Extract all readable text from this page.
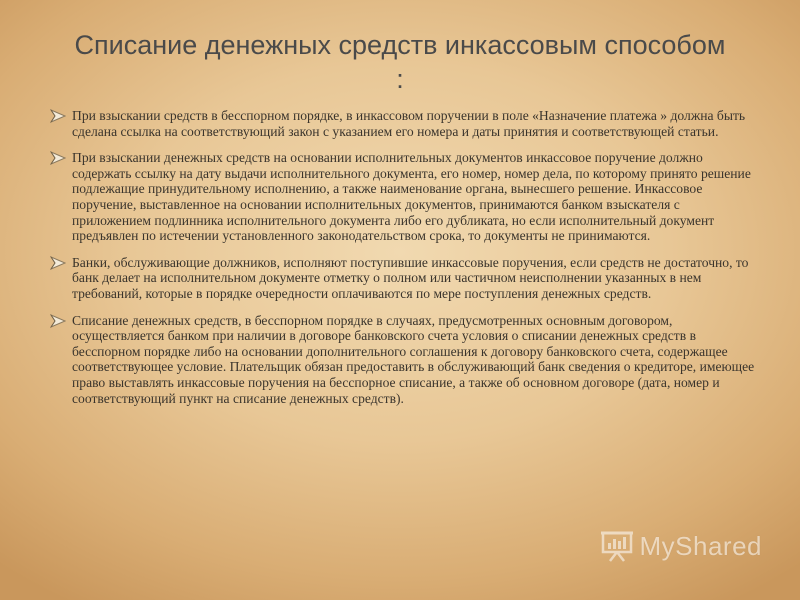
Списание денежных средств инкассовым способом
:
При взыскании средств в бесспорном порядке, в инкассовом поручении в поле «Назначение платежа » должна быть сделана ссылка на соответствующий закон с указанием его номера и даты принятия и соответствующей статьи.
При взыскании денежных средств на основании исполнительных документов инкассовое поручение должно содержать ссылку на дату выдачи исполнительного документа, его номер, номер дела, по которому принято решение подлежащие принудительному исполнению, а также наименование органа, вынесшего решение. Инкассовое поручение, выставленное на основании исполнительных документов, принимаются банком взыскателя с приложением подлинника исполнительного документа либо его дубликата, но если исполнительный документ предъявлен по истечении установленного законодательством срока, то документы не принимаются.
Банки, обслуживающие должников, исполняют поступившие инкассовые поручения, если средств не достаточно, то банк делает на исполнительном документе отметку о полном или частичном неисполнении указанных в нем требований, которые в порядке очередности оплачиваются по мере поступления денежных средств.
Списание денежных средств, в бесспорном порядке в случаях, предусмотренных основным договором, осуществляется банком при наличии в договоре банковского счета условия о списании денежных средств в бесспорном порядке либо на основании дополнительного соглашения к договору банковского счета, содержащее соответствующее условие. Плательщик обязан предоставить в обслуживающий банк сведения о кредиторе, имеющее право выставлять инкассовые поручения на бесспорное списание, а также об основном договоре (дата, номер и соответствующий пункт на списание денежных средств).
MyShared
